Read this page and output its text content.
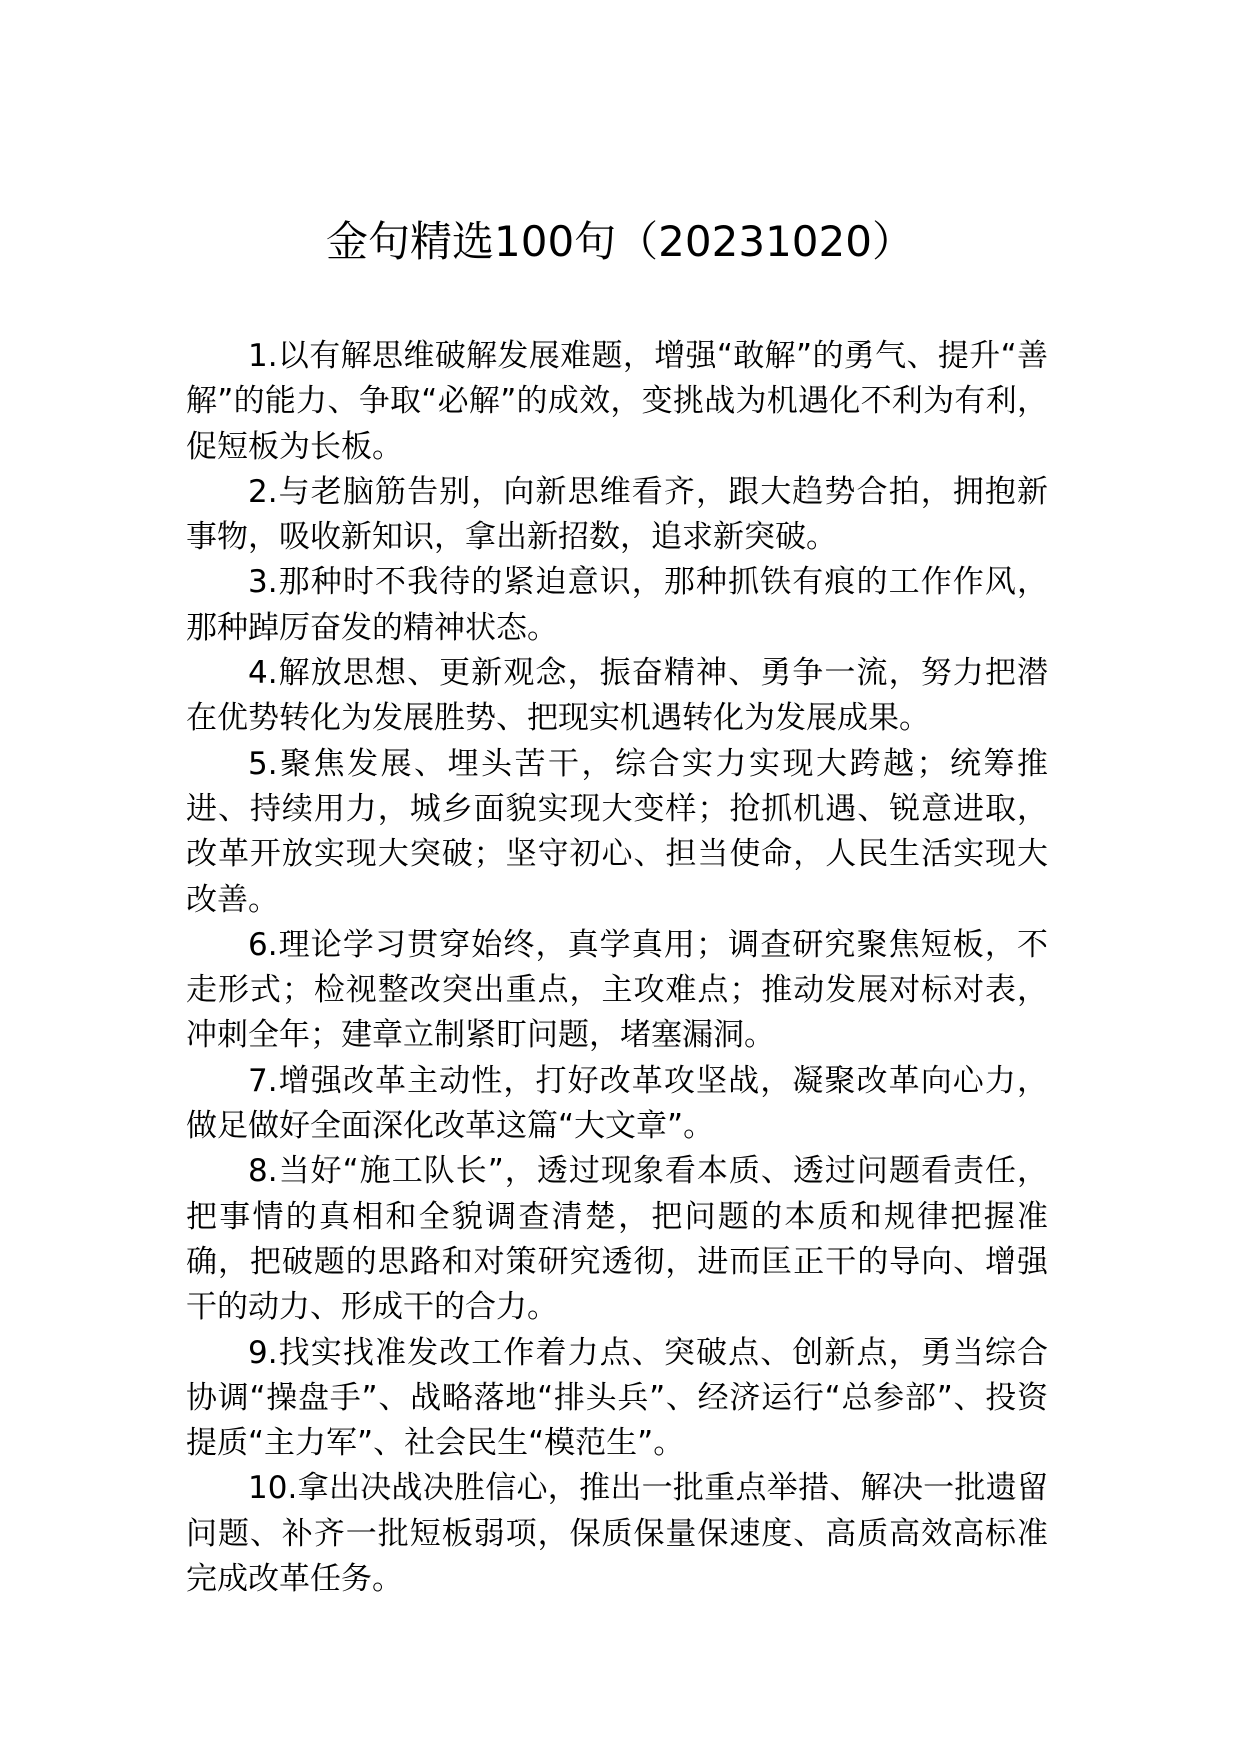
金句精选100句（20231020）

1.以有解思维破解发展难题，增强“敢解”的勇气、提升“善解”的能力、争取“必解”的成效，变挑战为机遇化不利为有利，促短板为长板。

2.与老脑筋告别，向新思维看齐，跟大趋势合拍，拥抱新事物，吸收新知识，拿出新招数，追求新突破。

3.那种时不我待的紧迫意识，那种抓铁有痕的工作作风，那种踔厉奋发的精神状态。

4.解放思想、更新观念，振奋精神、勇争一流，努力把潜在优势转化为发展胜势、把现实机遇转化为发展成果。

5.聚焦发展、埋头苦干，综合实力实现大跨越；统筹推进、持续用力，城乡面貌实现大变样；抢抓机遇、锐意进取，改革开放实现大突破；坚守初心、担当使命，人民生活实现大改善。

6.理论学习贯穿始终，真学真用；调查研究聚焦短板，不走形式；检视整改突出重点，主攻难点；推动发展对标对表，冲刺全年；建章立制紧盯问题，堵塞漏洞。

7.增强改革主动性，打好改革攻坚战，凝聚改革向心力，做足做好全面深化改革这篇“大文章”。

8.当好“施工队长”，透过现象看本质、透过问题看责任，把事情的真相和全貌调查清楚，把问题的本质和规律把握准确，把破题的思路和对策研究透彻，进而匡正干的导向、增强干的动力、形成干的合力。

9.找实找准发改工作着力点、突破点、创新点，勇当综合协调“操盘手”、战略落地“排头兵”、经济运行“总参部”、投资提质“主力军”、社会民生“模范生”。

10.拿出决战决胜信心，推出一批重点举措、解决一批遗留问题、补齐一批短板弱项，保质保量保速度、高质高效高标准完成改革任务。
